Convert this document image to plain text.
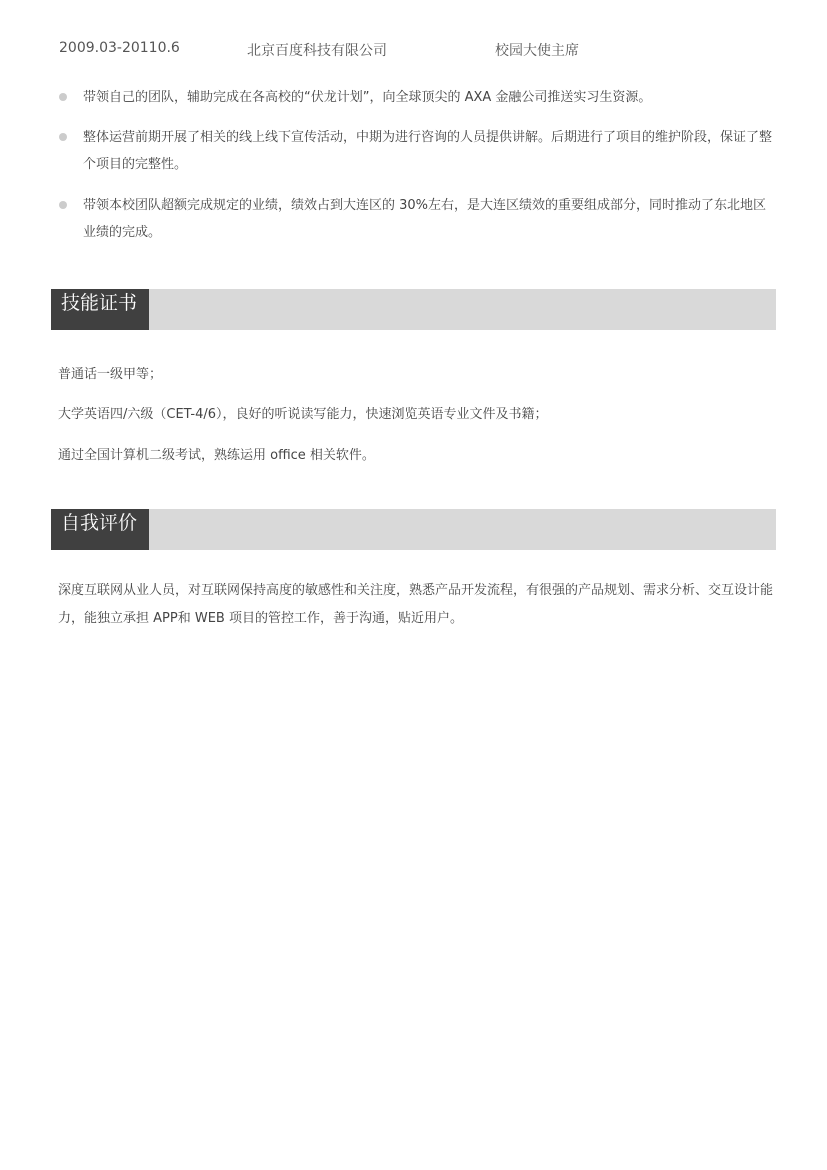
2009.03-20110.6	北京百度科技有限公司	校园大使主席
带领自己的团队，辅助完成在各高校的“伏龙计划”，向全球顶尖的 AXA 金融公司推送实习生资源。
整体运营前期开展了相关的线上线下宣传活动，中期为进行咨询的人员提供讲解。后期进行了项目的维护阶段，保证了整个项目的完整性。
带领本校团队超额完成规定的业绩，绩效占到大连区的 30%左右，是大连区绩效的重要组成部分，同时推动了东北地区业绩的完成。
技能证书
普通话一级甲等；
大学英语四/六级（CET-4/6），良好的听说读写能力，快速浏览英语专业文件及书籍；
通过全国计算机二级考试，熟练运用 office 相关软件。
自我评价

深度互联网从业人员，对互联网保持高度的敏感性和关注度，熟悉产品开发流程，有很强的产品规划、需求分析、交互设计能力，能独立承担 APP和 WEB 项目的管控工作，善于沟通，贴近用户。
